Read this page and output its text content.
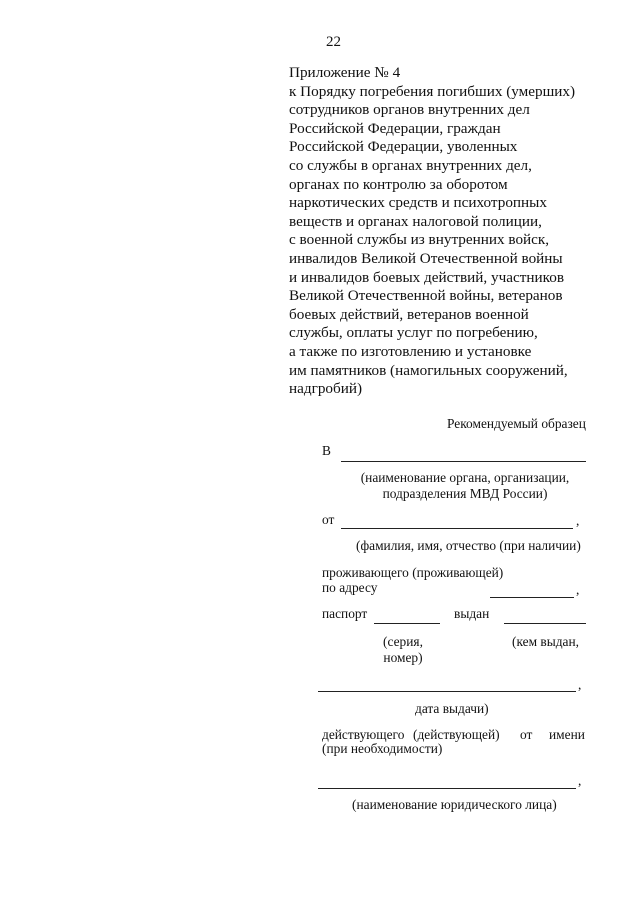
22
Приложение № 4
к Порядку погребения погибших (умерших)
сотрудников органов внутренних дел
Российской Федерации, граждан
Российской Федерации, уволенных
со службы в органах внутренних дел,
органах по контролю за оборотом
наркотических средств и психотропных
веществ и органах налоговой полиции,
с военной службы из внутренних войск,
инвалидов Великой Отечественной войны
и инвалидов боевых действий, участников
Великой Отечественной войны, ветеранов
боевых действий, ветеранов военной
службы, оплаты услуг по погребению,
а также по изготовлению и установке
им памятников (намогильных сооружений,
надгробий)
Рекомендуемый образец
В
(наименование органа, организации,
подразделения МВД России)
от	,
(фамилия, имя, отчество (при наличии)
проживающего (проживающей)
по адресу	,
паспорт	выдан
(серия,
номер)
(кем выдан,
,
дата выдачи)
действующего (действующей) от имени
(при необходимости)
,
(наименование юридического лица)
